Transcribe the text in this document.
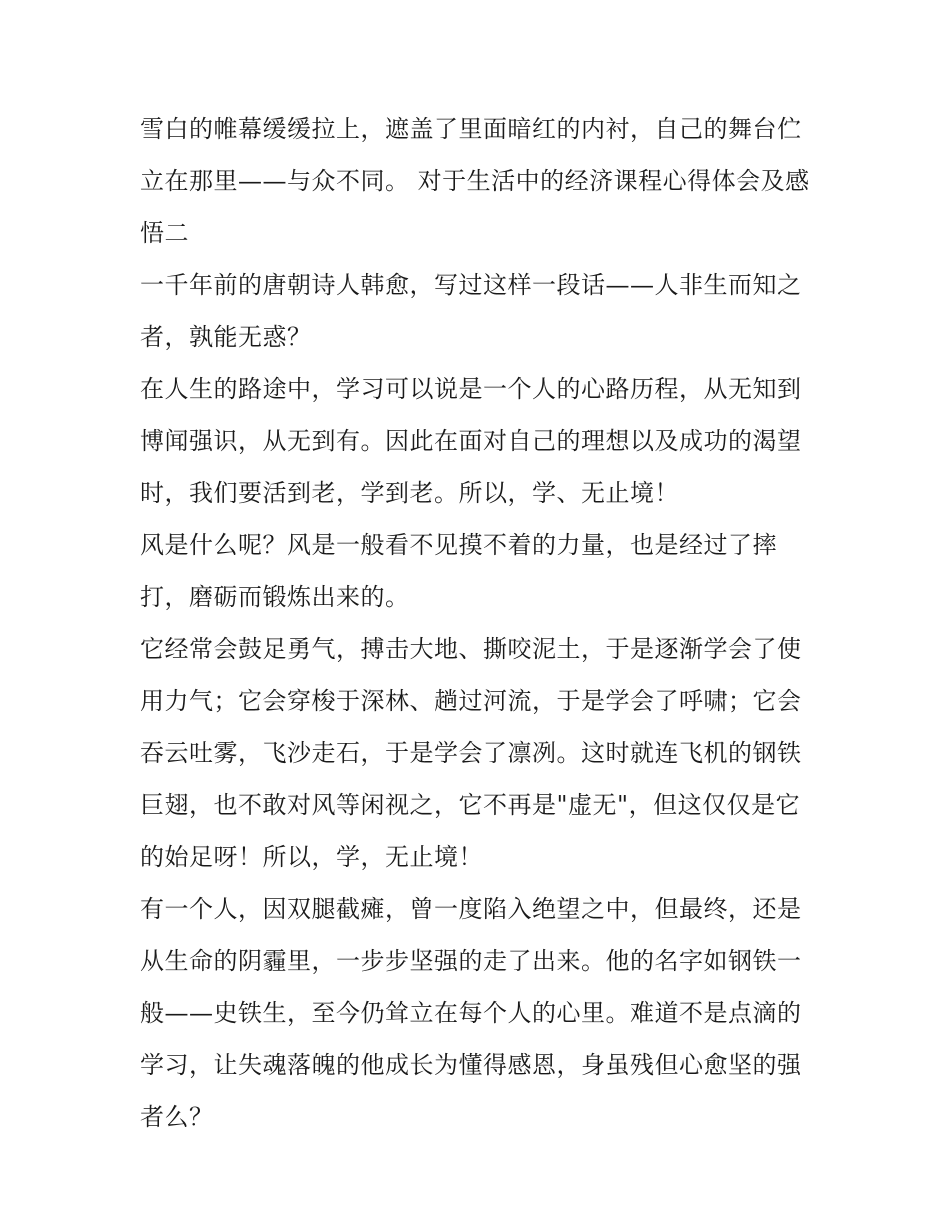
雪白的帷幕缓缓拉上，遮盖了里面暗红的内衬，自己的舞台伫立在那里——与众不同。 对于生活中的经济课程心得体会及感悟二

一千年前的唐朝诗人韩愈，写过这样一段话——人非生而知之者，孰能无惑？

在人生的路途中，学习可以说是一个人的心路历程，从无知到博闻强识，从无到有。因此在面对自己的理想以及成功的渴望时，我们要活到老，学到老。所以，学、无止境！

风是什么呢？风是一般看不见摸不着的力量，也是经过了摔打，磨砺而锻炼出来的。

它经常会鼓足勇气，搏击大地、撕咬泥土，于是逐渐学会了使用力气；它会穿梭于深林、趟过河流，于是学会了呼啸；它会吞云吐雾，飞沙走石，于是学会了凛冽。这时就连飞机的钢铁巨翅，也不敢对风等闲视之，它不再是"虚无"，但这仅仅是它的始足呀！所以，学，无止境！

有一个人，因双腿截瘫，曾一度陷入绝望之中，但最终，还是从生命的阴霾里，一步步坚强的走了出来。他的名字如钢铁一般——史铁生，至今仍耸立在每个人的心里。难道不是点滴的学习，让失魂落魄的他成长为懂得感恩，身虽残但心愈坚的强者么？
